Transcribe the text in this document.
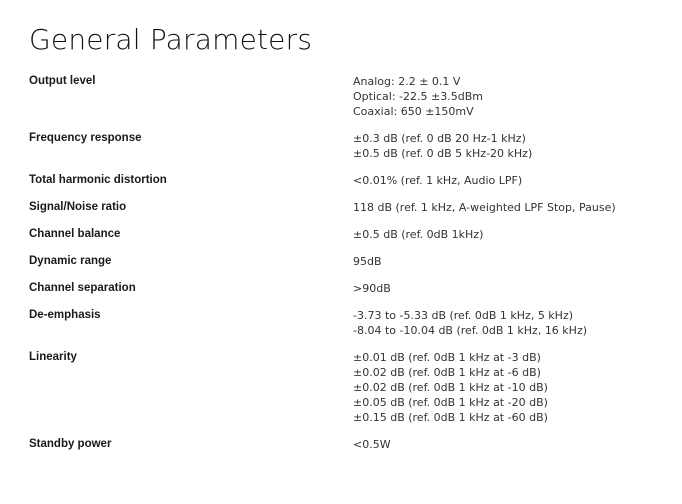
General Parameters
Output level	Analog: 2.2 ± 0.1 V
Optical: -22.5 ±3.5dBm
Coaxial: 650 ±150mV
Frequency response	±0.3 dB (ref. 0 dB 20 Hz-1 kHz)
±0.5 dB (ref. 0 dB 5 kHz-20 kHz)
Total harmonic distortion	<0.01% (ref. 1 kHz, Audio LPF)
Signal/Noise ratio	118 dB (ref. 1 kHz, A-weighted LPF Stop, Pause)
Channel balance	±0.5 dB (ref. 0dB 1kHz)
Dynamic range	95dB
Channel separation	>90dB
De-emphasis	-3.73 to -5.33 dB (ref. 0dB 1 kHz, 5 kHz)
-8.04 to -10.04 dB (ref. 0dB 1 kHz, 16 kHz)
Linearity	±0.01 dB (ref. 0dB 1 kHz at -3 dB)
±0.02 dB (ref. 0dB 1 kHz at -6 dB)
±0.02 dB (ref. 0dB 1 kHz at -10 dB)
±0.05 dB (ref. 0dB 1 kHz at -20 dB)
±0.15 dB (ref. 0dB 1 kHz at -60 dB)
Standby power	<0.5W
